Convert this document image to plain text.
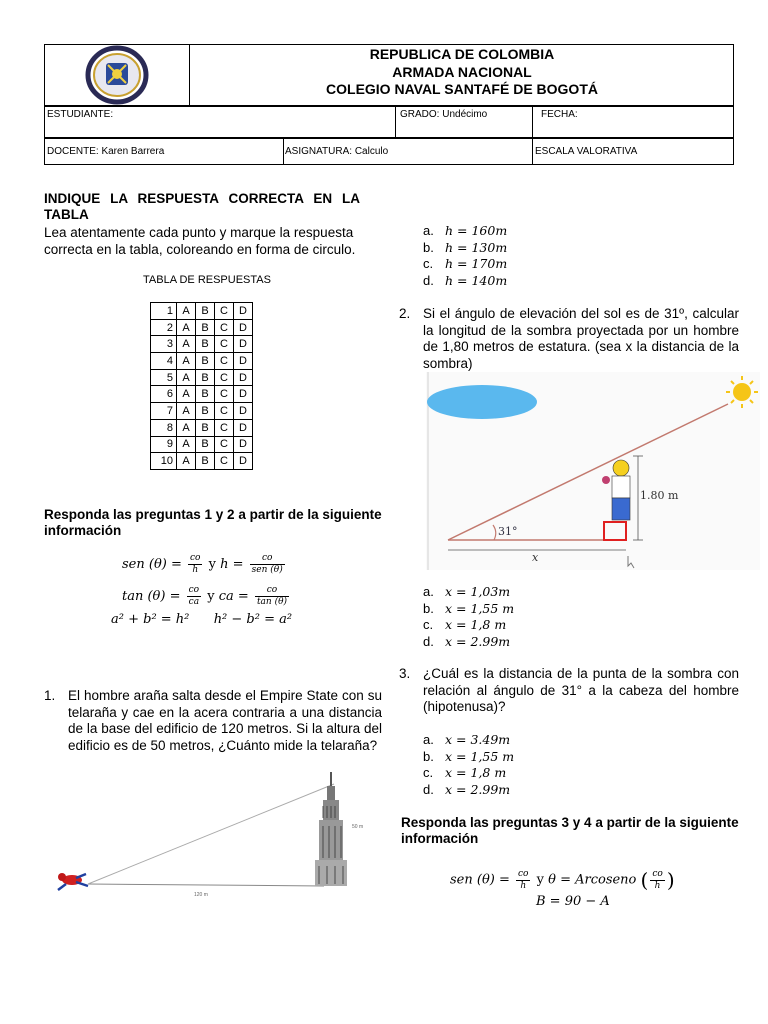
REPUBLICA DE COLOMBIA
ARMADA NACIONAL
COLEGIO NAVAL SANTAFÉ DE BOGOTÁ
ESTUDIANTE:	GRADO: Undécimo	FECHA:
DOCENTE: Karen Barrera	ASIGNATURA: Calculo	ESCALA VALORATIVA
INDIQUE LA RESPUESTA CORRECTA EN LA TABLA
Lea atentamente cada punto y marque la respuesta correcta en la tabla, coloreando en forma de circulo.
TABLA DE RESPUESTAS
1	A	B	C	D
2	A	B	C	D
3	A	B	C	D
4	A	B	C	D
5	A	B	C	D
6	A	B	C	D
7	A	B	C	D
8	A	B	C	D
9	A	B	C	D
10	A	B	C	D
Responda las preguntas 1 y 2 a partir de la siguiente información
sen $(\theta) = \frac{co}{h}$ y $h = \frac{co}{\text{sen (θ)}}$
$\tan (\theta) = \frac{co}{ca}$ y ca = $\frac{co}{\tan (\theta)}$
a² + b² = h² h² − b² = a²
1. El hombre araña salta desde el Empire State con su telaraña y cae en la acera contraria a una distancia de la base del edificio de 120 metros. Si la altura del edificio es de 50 metros, ¿Cuánto mide la telaraña?
50 m
120 m
a. h = 160m
b. h = 130m
c. h = 170m
d. h = 140m
2. Si el ángulo de elevación del sol es de 31º, calcular la longitud de la sombra proyectada por un hombre de 1,80 metros de estatura. (sea x la distancia de la sombra)
31°
x
1.80 m
a. x = 1,03m
b. x = 1,55 m
c. x = 1,8 m
d. x = 2.99m
3. ¿Cuál es la distancia de la punta de la sombra con relación al ángulo de 31° a la cabeza del hombre (hipotenusa)?
a. x = 3.49m
b. x = 1,55 m
c. x = 1,8 m
d. x = 2.99m
Responda las preguntas 3 y 4 a partir de la siguiente información
sen $(\theta) = \frac{co}{h}$ y θ = Arcoseno ( $\frac{co}{h}$ )
B = 90 − A
